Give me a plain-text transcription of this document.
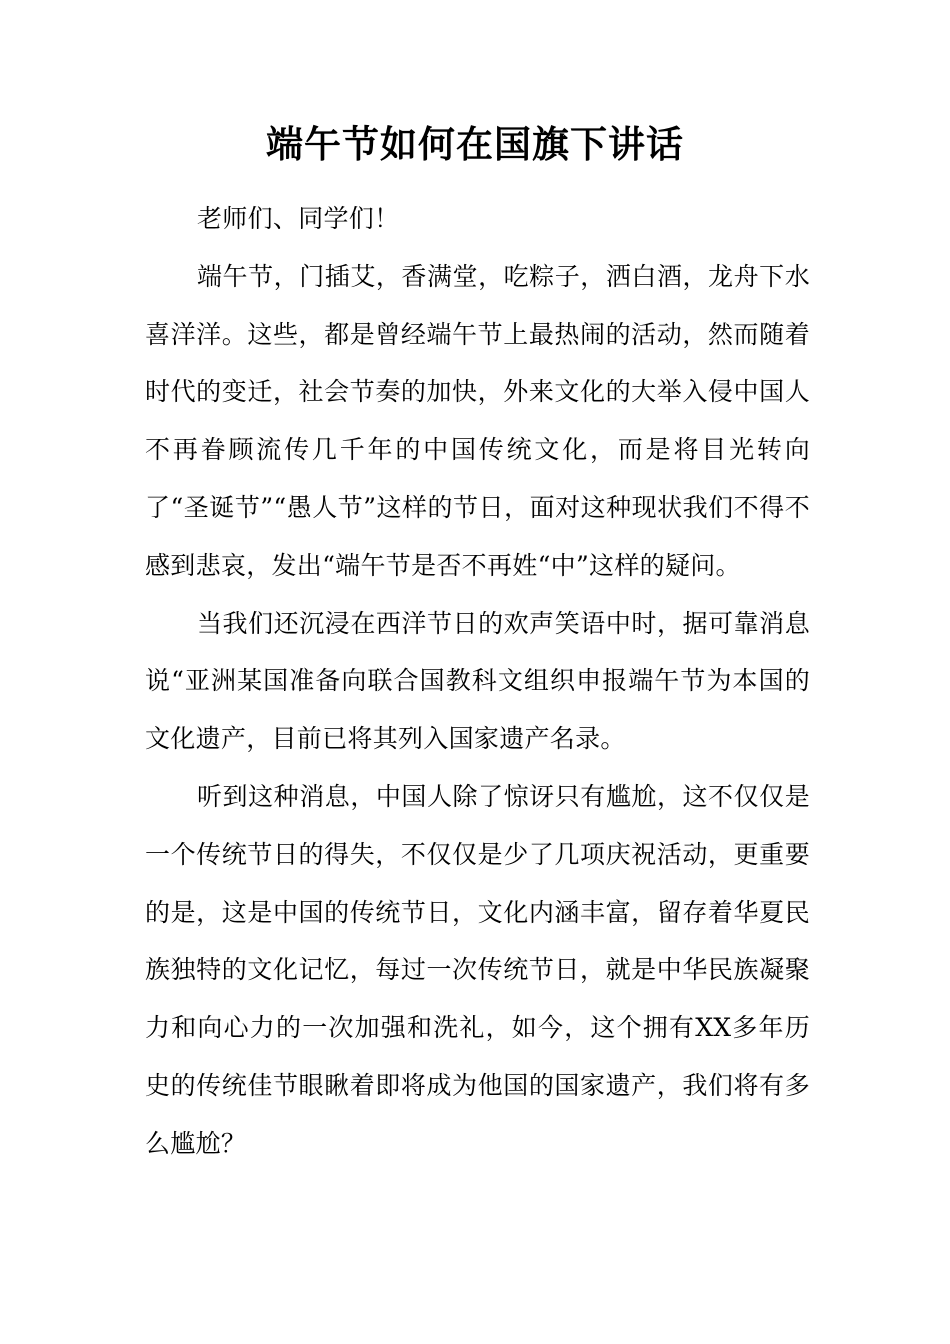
端午节如何在国旗下讲话

老师们、同学们！

端午节，门插艾，香满堂，吃粽子，洒白酒，龙舟下水喜洋洋。这些，都是曾经端午节上最热闹的活动，然而随着时代的变迁，社会节奏的加快，外来文化的大举入侵中国人不再眷顾流传几千年的中国传统文化，而是将目光转向了“圣诞节”“愚人节”这样的节日，面对这种现状我们不得不感到悲哀，发出“端午节是否不再姓“中”这样的疑问。

当我们还沉浸在西洋节日的欢声笑语中时，据可靠消息说“亚洲某国准备向联合国教科文组织申报端午节为本国的文化遗产，目前已将其列入国家遗产名录。

听到这种消息，中国人除了惊讶只有尴尬，这不仅仅是一个传统节日的得失，不仅仅是少了几项庆祝活动，更重要的是，这是中国的传统节日，文化内涵丰富，留存着华夏民族独特的文化记忆，每过一次传统节日，就是中华民族凝聚力和向心力的一次加强和洗礼，如今，这个拥有XX多年历史的传统佳节眼瞅着即将成为他国的国家遗产，我们将有多么尴尬？
